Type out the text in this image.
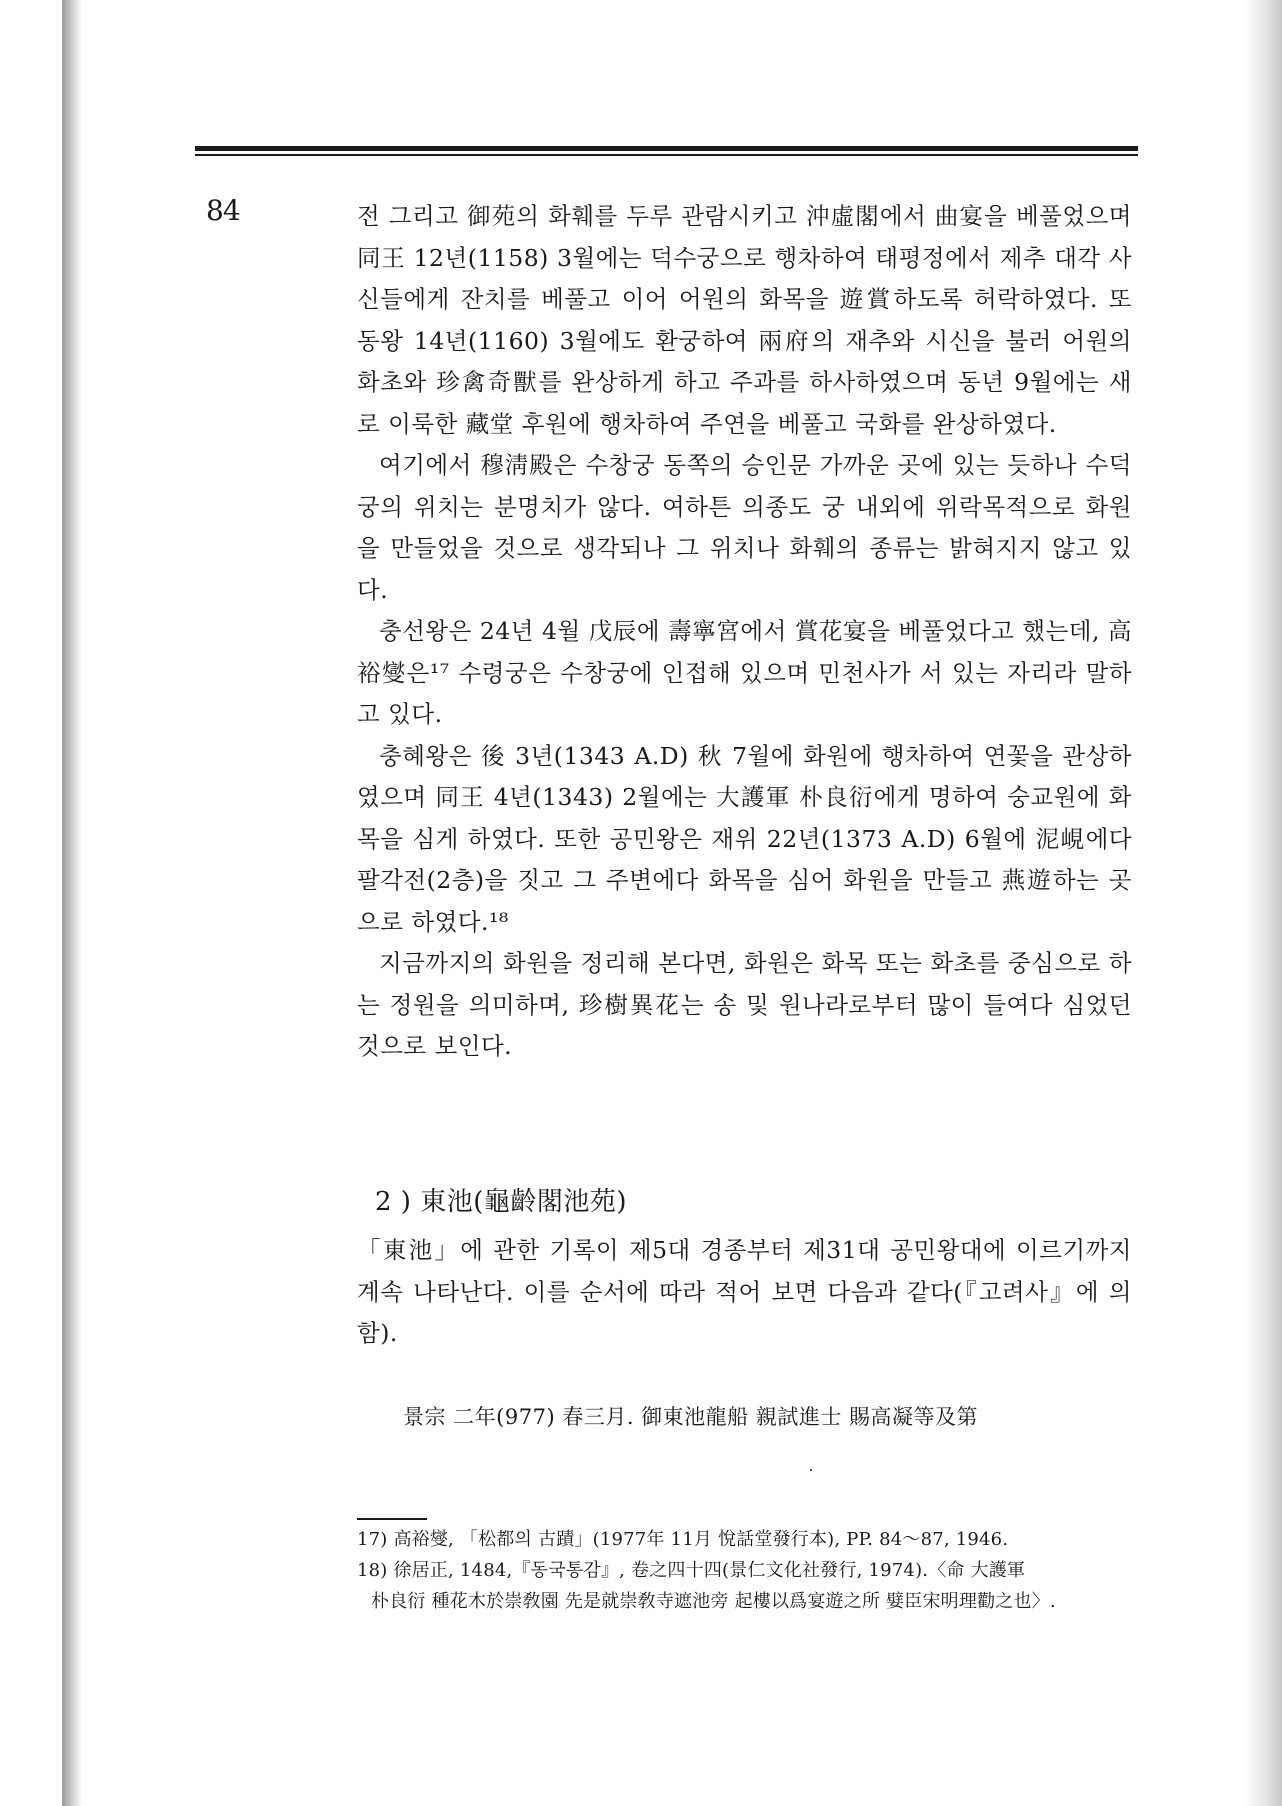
84	전 그리고 御苑의 화훼를 두루 관람시키고 沖虛閣에서 曲宴을 베풀었으며 同王 12년(1158) 3월에는 덕수궁으로 행차하여 태평정에서 제추 대각 사신들에게 잔치를 베풀고 이어 어원의 화목을 遊賞하도록 허락하였다. 또 동왕 14년(1160) 3월에도 환궁하여 兩府의 재추와 시신을 불러 어원의 화초와 珍禽奇獸를 완상하게 하고 주과를 하사하였으며 동년 9월에는 새로 이룩한 藏堂 후원에 행차하여 주연을 베풀고 국화를 완상하였다.

여기에서 穆淸殿은 수창궁 동쪽의 승인문 가까운 곳에 있는 듯하나 수덕궁의 위치는 분명치가 않다. 여하튼 의종도 궁 내외에 위락목적으로 화원을 만들었을 것으로 생각되나 그 위치나 화훼의 종류는 밝혀지지 않고 있다.

충선왕은 24년 4월 戊辰에 壽寧宮에서 賞花宴을 베풀었다고 했는데, 高裕燮은¹⁷ 수령궁은 수창궁에 인접해 있으며 민천사가 서 있는 자리라 말하고 있다.

충혜왕은 後 3년(1343 A.D) 秋 7월에 화원에 행차하여 연꽃을 관상하였으며 同王 4년(1343) 2월에는 大護軍 朴良衍에게 명하여 숭교원에 화목을 심게 하였다. 또한 공민왕은 재위 22년(1373 A.D) 6월에 泥峴에다 팔각전(2층)을 짓고 그 주변에다 화목을 심어 화원을 만들고 燕遊하는 곳으로 하였다.¹⁸

지금까지의 화원을 정리해 본다면, 화원은 화목 또는 화초를 중심으로 하는 정원을 의미하며, 珍樹異花는 송 및 원나라로부터 많이 들여다 심었던 것으로 보인다.

2 ) 東池(龜齡閣池苑)

「東池」에 관한 기록이 제5대 경종부터 제31대 공민왕대에 이르기까지 계속 나타난다. 이를 순서에 따라 적어 보면 다음과 같다(『고려사』에 의함).

景宗 二年(977) 春三月. 御東池龍船 親試進士 賜高凝等及第

17) 高裕燮, 「松都의 古蹟」(1977年 11月 悅話堂發行本), PP. 84〜87, 1946.

18) 徐居正, 1484,『동국통감』, 卷之四十四(景仁文化社發行, 1974).〈命 大護軍
朴良衍 種花木於崇敎園 先是就崇敎寺遮池旁 起樓以爲宴遊之所 嬖臣宋明理勸之也〉.
